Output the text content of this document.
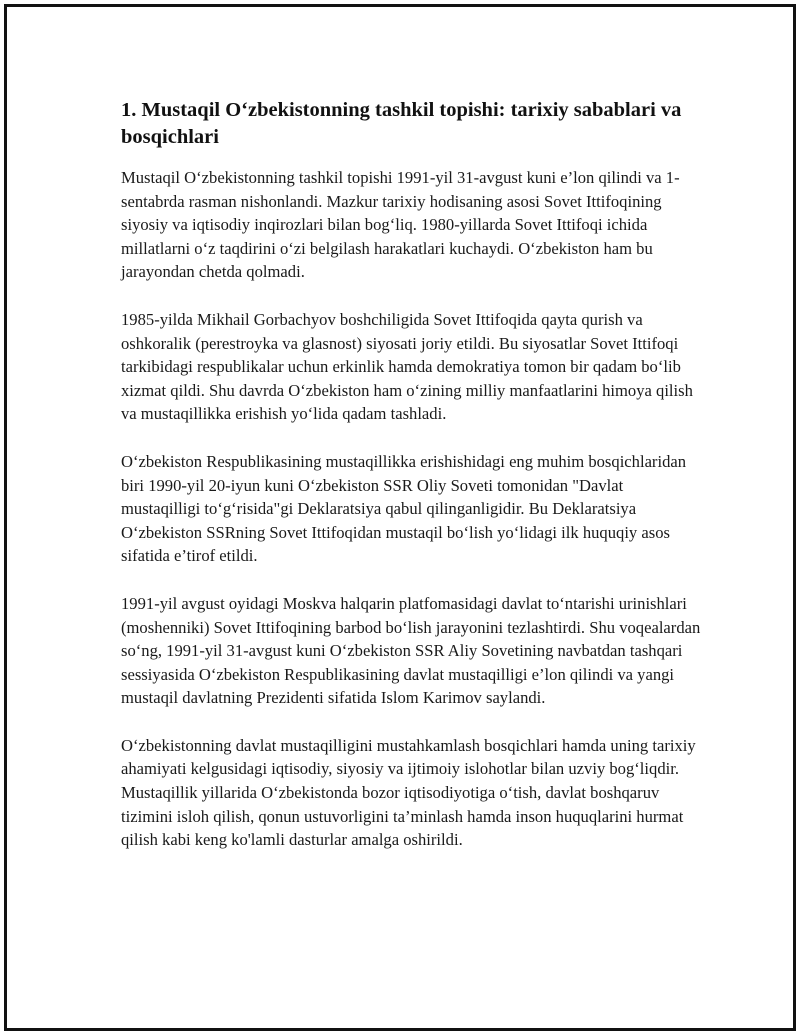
1. Mustaqil O‘zbekistonning tashkil topishi: tarixiy sabablari va bosqichlari

Mustaqil O‘zbekistonning tashkil topishi 1991-yil 31-avgust kuni e’lon qilindi va 1-sentabrda rasman nishonlandi. Mazkur tarixiy hodisaning asosi Sovet Ittifoqining siyosiy va iqtisodiy inqirozlari bilan bog‘liq. 1980-yillarda Sovet Ittifoqi ichida millatlarni o‘z taqdirini o‘zi belgilash harakatlari kuchaydi. O‘zbekiston ham bu jarayondan chetda qolmadi.

1985-yilda Mikhail Gorbachyov boshchiligida Sovet Ittifoqida qayta qurish va oshkoralik (perestroyka va glasnost) siyosati joriy etildi. Bu siyosatlar Sovet Ittifoqi tarkibidagi respublikalar uchun erkinlik hamda demokratiya tomon bir qadam bo‘lib xizmat qildi. Shu davrda O‘zbekiston ham o‘zining milliy manfaatlarini himoya qilish va mustaqillikka erishish yo‘lida qadam tashladi.

O‘zbekiston Respublikasining mustaqillikka erishishidagi eng muhim bosqichlaridan biri 1990-yil 20-iyun kuni O‘zbekiston SSR Oliy Soveti tomonidan "Davlat mustaqilligi to‘g‘risida"gi Deklaratsiya qabul qilinganligidir. Bu Deklaratsiya O‘zbekiston SSRning Sovet Ittifoqidan mustaqil bo‘lish yo‘lidagi ilk huquqiy asos sifatida e’tirof etildi.

1991-yil avgust oyidagi Moskva halqarin platfomasidagi davlat to‘ntarishi urinishlari (moshenniki) Sovet Ittifoqining barbod bo‘lish jarayonini tezlashtirdi. Shu voqealardan so‘ng, 1991-yil 31-avgust kuni O‘zbekiston SSR Aliy Sovetining navbatdan tashqari sessiyasida O‘zbekiston Respublikasining davlat mustaqilligi e’lon qilindi va yangi mustaqil davlatning Prezidenti sifatida Islom Karimov saylandi.

O‘zbekistonning davlat mustaqilligini mustahkamlash bosqichlari hamda uning tarixiy ahamiyati kelgusidagi iqtisodiy, siyosiy va ijtimoiy islohotlar bilan uzviy bog‘liqdir. Mustaqillik yillarida O‘zbekistonda bozor iqtisodiyotiga o‘tish, davlat boshqaruv tizimini isloh qilish, qonun ustuvorligini ta’minlash hamda inson huquqlarini hurmat qilish kabi keng ko'lamli dasturlar amalga oshirildi.
